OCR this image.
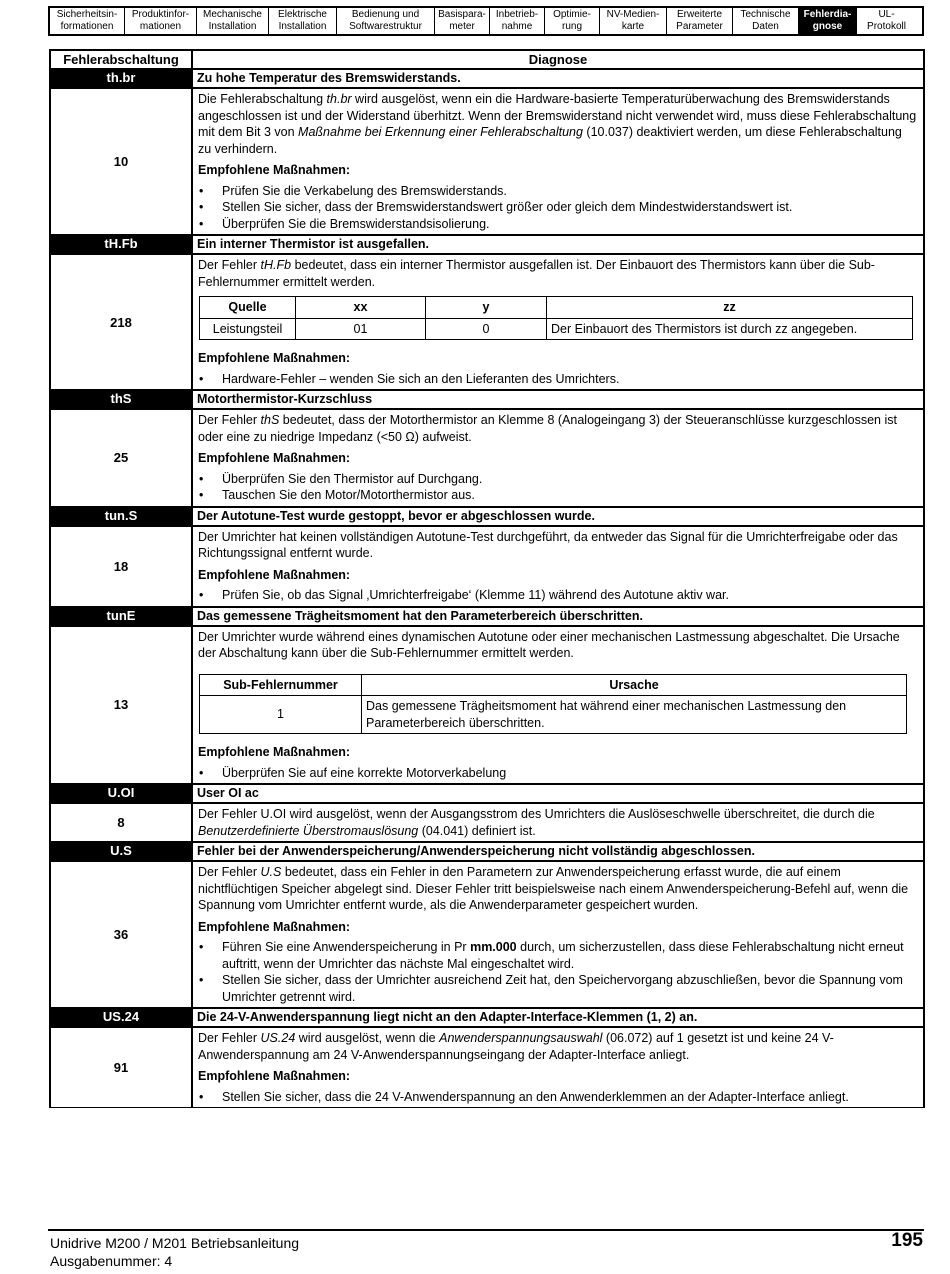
Sicherheitsin-
formationen
Produktinfor-
mationen
Mechanische
Installation
Elektrische
Installation
Bedienung und
Softwarestruktur
Basispara-
meter
Inbetrieb-
nahme
Optimie-
rung
NV-Medien-
karte
Erweiterte
Parameter
Technische
Daten
Fehlerdia-
gnose
UL-
Protokoll
Fehlerabschaltung	Diagnose
th.br	Zu hohe Temperatur des Bremswiderstands.
10	

Die Fehlerabschaltung th.br wird ausgelöst, wenn ein die Hardware-basierte Temperaturüberwachung des Bremswiderstands angeschlossen ist und der Widerstand überhitzt. Wenn der Bremswiderstand nicht verwendet wird, muss diese Fehlerabschaltung mit dem Bit 3 von Maßnahme bei Erkennung einer Fehlerabschaltung (10.037) deaktiviert werden, um diese Fehlerabschaltung zu verhindern.

Empfohlene Maßnahmen:

• Prüfen Sie die Verkabelung des Bremswiderstands.
• Stellen Sie sicher, dass der Bremswiderstandswert größer oder gleich dem Mindestwiderstandswert ist.
• Überprüfen Sie die Bremswiderstandsisolierung.

tH.Fb	Ein interner Thermistor ist ausgefallen.
218	

Der Fehler tH.Fb bedeutet, dass ein interner Thermistor ausgefallen ist. Der Einbauort des Thermistors kann über die Sub-Fehlernummer ermittelt werden.

Quelle	xx	y	zz
Leistungsteil	01	0	Der Einbauort des Thermistors ist durch zz angegeben.

Empfohlene Maßnahmen:

• Hardware-Fehler – wenden Sie sich an den Lieferanten des Umrichters.

thS	Motorthermistor-Kurzschluss
25	

Der Fehler thS bedeutet, dass der Motorthermistor an Klemme 8 (Analogeingang 3) der Steueranschlüsse kurzgeschlossen ist oder eine zu niedrige Impedanz (<50 Ω) aufweist.

Empfohlene Maßnahmen:

• Überprüfen Sie den Thermistor auf Durchgang.
• Tauschen Sie den Motor/Motorthermistor aus.

tun.S	Der Autotune-Test wurde gestoppt, bevor er abgeschlossen wurde.
18	

Der Umrichter hat keinen vollständigen Autotune-Test durchgeführt, da entweder das Signal für die Umrichterfreigabe oder das Richtungssignal entfernt wurde.

Empfohlene Maßnahmen:

• Prüfen Sie, ob das Signal ‚Umrichterfreigabe‘ (Klemme 11) während des Autotune aktiv war.

tunE	Das gemessene Trägheitsmoment hat den Parameterbereich überschritten.
13	

Der Umrichter wurde während eines dynamischen Autotune oder einer mechanischen Lastmessung abgeschaltet. Die Ursache der Abschaltung kann über die Sub-Fehlernummer ermittelt werden.

Sub-Fehlernummer	Ursache
1	Das gemessene Trägheitsmoment hat während einer mechanischen Lastmessung den Parameterbereich überschritten.

Empfohlene Maßnahmen:

• Überprüfen Sie auf eine korrekte Motorverkabelung

U.OI	User OI ac
8	

Der Fehler U.OI wird ausgelöst, wenn der Ausgangsstrom des Umrichters die Auslöseschwelle überschreitet, die durch die Benutzerdefinierte Überstromauslösung (04.041) definiert ist.

U.S	Fehler bei der Anwenderspeicherung/Anwenderspeicherung nicht vollständig abgeschlossen.
36	

Der Fehler U.S bedeutet, dass ein Fehler in den Parametern zur Anwenderspeicherung erfasst wurde, die auf einem nichtflüchtigen Speicher abgelegt sind. Dieser Fehler tritt beispielsweise nach einem Anwenderspeicherung-Befehl auf, wenn die Spannung vom Umrichter entfernt wurde, als die Anwenderparameter gespeichert wurden.

Empfohlene Maßnahmen:

• Führen Sie eine Anwenderspeicherung in Pr mm.000 durch, um sicherzustellen, dass diese Fehlerabschaltung nicht erneut auftritt, wenn der Umrichter das nächste Mal eingeschaltet wird.
• Stellen Sie sicher, dass der Umrichter ausreichend Zeit hat, den Speichervorgang abzuschließen, bevor die Spannung vom Umrichter getrennt wird.

US.24	Die 24-V-Anwenderspannung liegt nicht an den Adapter-Interface-Klemmen (1, 2) an.
91	

Der Fehler US.24 wird ausgelöst, wenn die Anwenderspannungsauswahl (06.072) auf 1 gesetzt ist und keine 24 V-Anwenderspannung am 24 V-Anwenderspannungseingang der Adapter-Interface anliegt.

Empfohlene Maßnahmen:

• Stellen Sie sicher, dass die 24 V-Anwenderspannung an den Anwenderklemmen an der Adapter-Interface anliegt.
Unidrive M200 / M201 Betriebsanleitung
Ausgabenummer: 4
195
